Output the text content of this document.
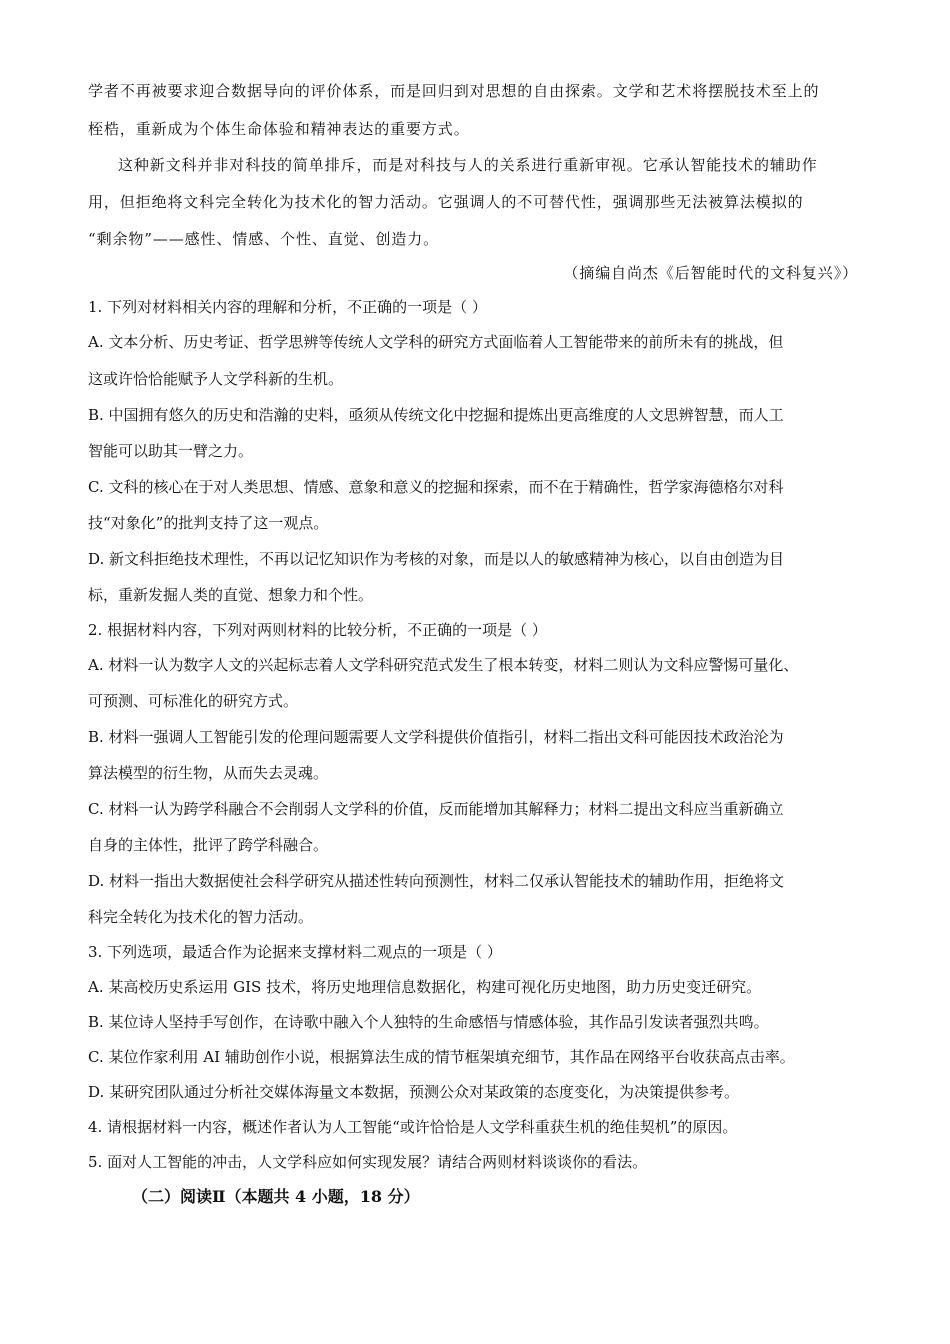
学者不再被要求迎合数据导向的评价体系，而是回归到对思想的自由探索。文学和艺术将摆脱技术至上的
桎梏，重新成为个体生命体验和精神表达的重要方式。
这种新文科并非对科技的简单排斥，而是对科技与人的关系进行重新审视。它承认智能技术的辅助作
用，但拒绝将文科完全转化为技术化的智力活动。它强调人的不可替代性，强调那些无法被算法模拟的
“剩余物”——感性、情感、个性、直觉、创造力。
（摘编自尚杰《后智能时代的文科复兴》）
1. 下列对材料相关内容的理解和分析，不正确的一项是（ ）
A. 文本分析、历史考证、哲学思辨等传统人文学科的研究方式面临着人工智能带来的前所未有的挑战，但
这或许恰恰能赋予人文学科新的生机。
B. 中国拥有悠久的历史和浩瀚的史料，亟须从传统文化中挖掘和提炼出更高维度的人文思辨智慧，而人工
智能可以助其一臂之力。
C. 文科的核心在于对人类思想、情感、意象和意义的挖掘和探索，而不在于精确性，哲学家海德格尔对科
技“对象化”的批判支持了这一观点。
D. 新文科拒绝技术理性，不再以记忆知识作为考核的对象，而是以人的敏感精神为核心，以自由创造为目
标，重新发掘人类的直觉、想象力和个性。
2. 根据材料内容，下列对两则材料的比较分析，不正确的一项是（ ）
A. 材料一认为数字人文的兴起标志着人文学科研究范式发生了根本转变，材料二则认为文科应警惕可量化、
可预测、可标准化的研究方式。
B. 材料一强调人工智能引发的伦理问题需要人文学科提供价值指引，材料二指出文科可能因技术政治沦为
算法模型的衍生物，从而失去灵魂。
C. 材料一认为跨学科融合不会削弱人文学科的价值，反而能增加其解释力；材料二提出文科应当重新确立
自身的主体性，批评了跨学科融合。
D. 材料一指出大数据使社会科学研究从描述性转向预测性，材料二仅承认智能技术的辅助作用，拒绝将文
科完全转化为技术化的智力活动。
3. 下列选项，最适合作为论据来支撑材料二观点的一项是（ ）
A. 某高校历史系运用 GIS 技术，将历史地理信息数据化，构建可视化历史地图，助力历史变迁研究。
B. 某位诗人坚持手写创作，在诗歌中融入个人独特的生命感悟与情感体验，其作品引发读者强烈共鸣。
C. 某位作家利用 AI 辅助创作小说，根据算法生成的情节框架填充细节，其作品在网络平台收获高点击率。
D. 某研究团队通过分析社交媒体海量文本数据，预测公众对某政策的态度变化，为决策提供参考。
4. 请根据材料一内容，概述作者认为人工智能“或许恰恰是人文学科重获生机的绝佳契机”的原因。
5. 面对人工智能的冲击，人文学科应如何实现发展？请结合两则材料谈谈你的看法。
（二）阅读Ⅱ（本题共 4 小题，18 分）
